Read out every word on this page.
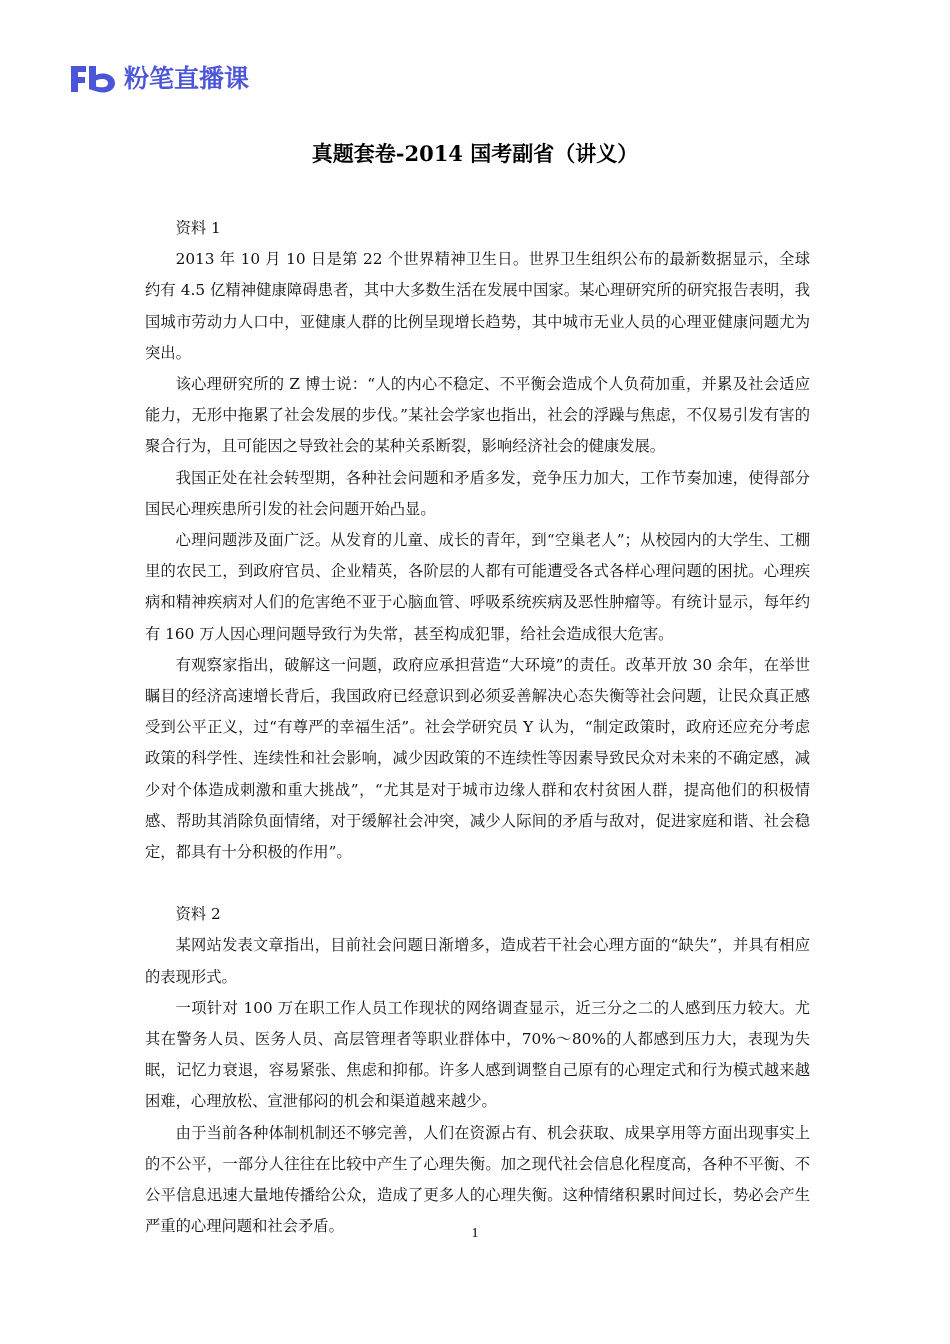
粉笔直播课
真题套卷-2014 国考副省（讲义）

资料 1

2013 年 10 月 10 日是第 22 个世界精神卫生日。世界卫生组织公布的最新数据显示，全球约有 4.5 亿精神健康障碍患者，其中大多数生活在发展中国家。某心理研究所的研究报告表明，我国城市劳动力人口中，亚健康人群的比例呈现增长趋势，其中城市无业人员的心理亚健康问题尤为突出。

该心理研究所的 Z 博士说：“人的内心不稳定、不平衡会造成个人负荷加重，并累及社会适应能力，无形中拖累了社会发展的步伐。”某社会学家也指出，社会的浮躁与焦虑，不仅易引发有害的聚合行为，且可能因之导致社会的某种关系断裂，影响经济社会的健康发展。

我国正处在社会转型期，各种社会问题和矛盾多发，竞争压力加大，工作节奏加速，使得部分国民心理疾患所引发的社会问题开始凸显。

心理问题涉及面广泛。从发育的儿童、成长的青年，到“空巢老人”；从校园内的大学生、工棚里的农民工，到政府官员、企业精英，各阶层的人都有可能遭受各式各样心理问题的困扰。心理疾病和精神疾病对人们的危害绝不亚于心脑血管、呼吸系统疾病及恶性肿瘤等。有统计显示，每年约有 160 万人因心理问题导致行为失常，甚至构成犯罪，给社会造成很大危害。

有观察家指出，破解这一问题，政府应承担营造“大环境”的责任。改革开放 30 余年，在举世瞩目的经济高速增长背后，我国政府已经意识到必须妥善解决心态失衡等社会问题，让民众真正感受到公平正义，过“有尊严的幸福生活”。社会学研究员 Y 认为，“制定政策时，政府还应充分考虑政策的科学性、连续性和社会影响，减少因政策的不连续性等因素导致民众对未来的不确定感，减少对个体造成刺激和重大挑战”，“尤其是对于城市边缘人群和农村贫困人群，提高他们的积极情感、帮助其消除负面情绪，对于缓解社会冲突，减少人际间的矛盾与敌对，促进家庭和谐、社会稳定，都具有十分积极的作用”。

资料 2

某网站发表文章指出，目前社会问题日渐增多，造成若干社会心理方面的“缺失”，并具有相应的表现形式。

一项针对 100 万在职工作人员工作现状的网络调查显示，近三分之二的人感到压力较大。尤其在警务人员、医务人员、高层管理者等职业群体中，70%～80%的人都感到压力大，表现为失眠，记忆力衰退，容易紧张、焦虑和抑郁。许多人感到调整自己原有的心理定式和行为模式越来越困难，心理放松、宣泄郁闷的机会和渠道越来越少。

由于当前各种体制机制还不够完善，人们在资源占有、机会获取、成果享用等方面出现事实上的不公平，一部分人往往在比较中产生了心理失衡。加之现代社会信息化程度高，各种不平衡、不公平信息迅速大量地传播给公众，造成了更多人的心理失衡。这种情绪积累时间过长，势必会产生严重的心理问题和社会矛盾。	1
